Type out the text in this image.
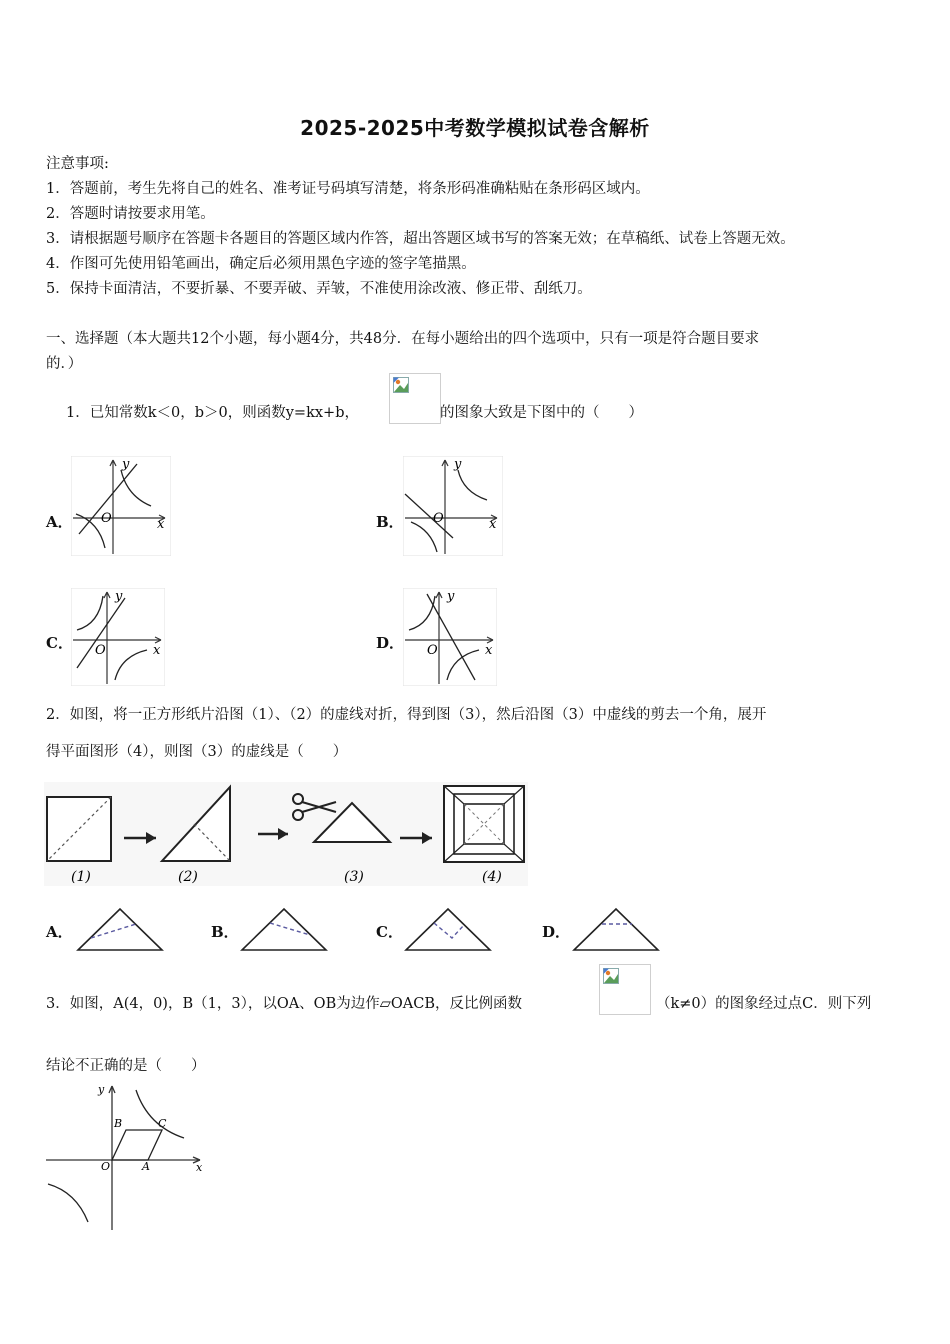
2025-2025中考数学模拟试卷含解析
注意事项:
1．答题前，考生先将自己的姓名、准考证号码填写清楚，将条形码准确粘贴在条形码区域内。
2．答题时请按要求用笔。
3．请根据题号顺序在答题卡各题目的答题区域内作答，超出答题区域书写的答案无效；在草稿纸、试卷上答题无效。
4．作图可先使用铅笔画出，确定后必须用黑色字迹的签字笔描黑。
5．保持卡面清洁，不要折暴、不要弄破、弄皱，不准使用涂改液、修正带、刮纸刀。
一、选择题（本大题共12个小题，每小题4分，共48分．在每小题给出的四个选项中，只有一项是符合题目要求
的．）
1．已知常数k＜0，b＞0，则函数y=kx+b，	的图象大致是下图中的（　　）
A．
y
x
O	B．
y
x
O
C．
y
x
O	D．
y
x
O
2．如图，将一正方形纸片沿图（1）、（2）的虚线对折，得到图（3），然后沿图（3）中虚线的剪去一个角，展开
得平面图形（4），则图（3）的虚线是（　　）
(1)	(2)	(3)	(4)
A．	B．	C．	D．
3．如图，A(4，0)，B（1，3），以OA、OB为边作▱OACB，反比例函数	（k≠0）的图象经过点C．则下列
结论不正确的是（　　）
y
x
O	A
B	C
